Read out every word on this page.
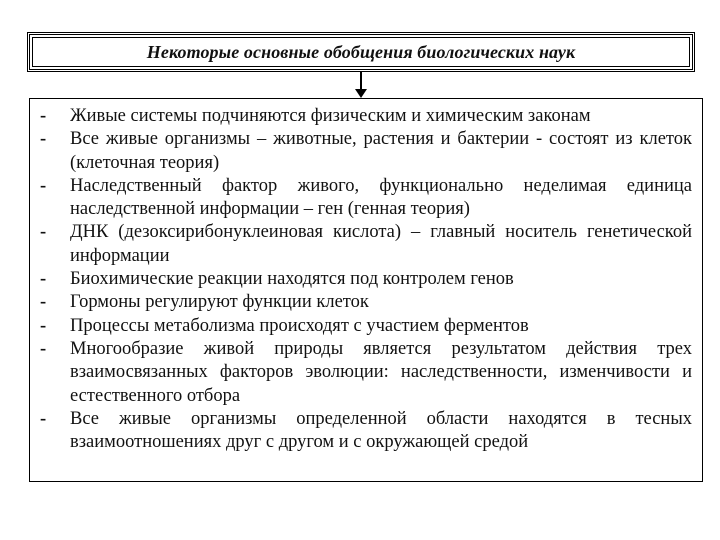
Некоторые основные обобщения биологических наук
-	Живые системы подчиняются физическим и химическим законам
-	Все живые организмы – животные, растения и бактерии - состоят из клеток (клеточная теория)
-	Наследственный фактор живого, функционально неделимая единица наследственной информации – ген (генная теория)
-	ДНК (дезоксирибонуклеиновая кислота) – главный носитель генетической информации
-	Биохимические реакции находятся под контролем генов
-	Гормоны регулируют функции клеток
-	Процессы метаболизма происходят с участием ферментов
-	Многообразие живой природы является результатом действия трех взаимосвязанных факторов эволюции: наследственности, изменчивости и естественного отбора
-	Все живые организмы определенной области находятся в тесных взаимоотношениях друг с другом и с окружающей средой
